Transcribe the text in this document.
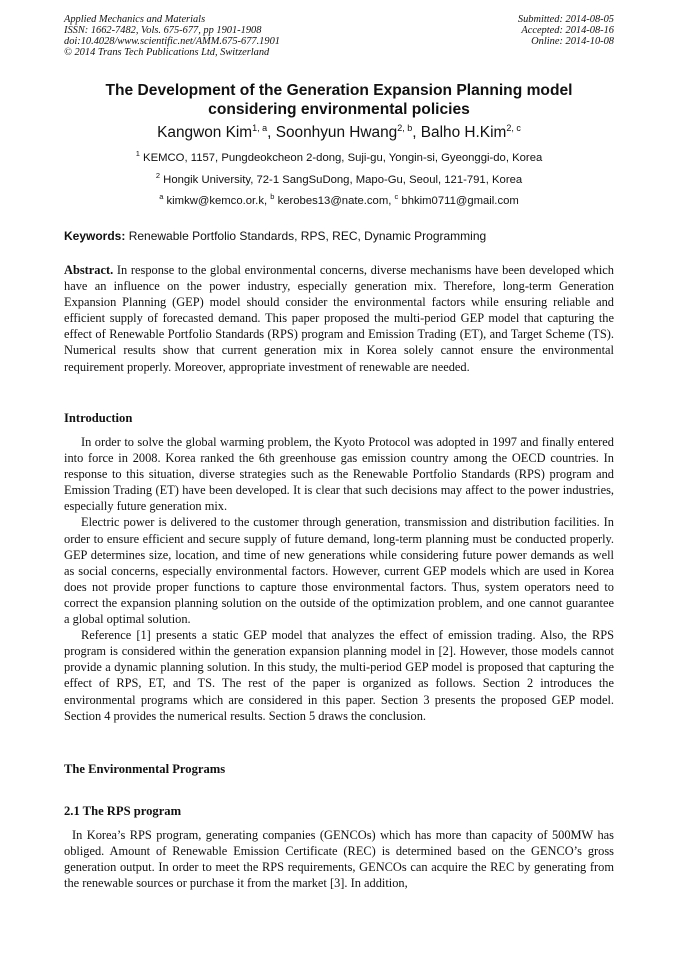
Applied Mechanics and Materials
ISSN: 1662-7482, Vols. 675-677, pp 1901-1908
doi:10.4028/www.scientific.net/AMM.675-677.1901
© 2014 Trans Tech Publications Ltd, Switzerland
Submitted: 2014-08-05
Accepted: 2014-08-16
Online: 2014-10-08
The Development of the Generation Expansion Planning model
considering environmental policies
Kangwon Kim$^{1, a}$, Soonhyun Hwang$^{2, b}$, Balho H.Kim$^{2, c}$
$^1$ KEMCO, 1157, Pungdeokcheon 2-dong, Suji-gu, Yongin-si, Gyeonggi-do, Korea
$^2$ Hongik University, 72-1 SangSuDong, Mapo-Gu, Seoul, 121-791, Korea
$^a$ kimkw@kemco.or.k, $^b$ kerobes13@nate.com, $^c$ bhkim0711@gmail.com
Keywords: Renewable Portfolio Standards, RPS, REC, Dynamic Programming

Abstract. In response to the global environmental concerns, diverse mechanisms have been developed which have an influence on the power industry, especially generation mix. Therefore, long-term Generation Expansion Planning (GEP) model should consider the environmental factors while ensuring reliable and efficient supply of forecasted demand. This paper proposed the multi-period GEP model that capturing the effect of Renewable Portfolio Standards (RPS) program and Emission Trading (ET), and Target Scheme (TS). Numerical results show that current generation mix in Korea solely cannot ensure the environmental requirement properly. Moreover, appropriate investment of renewable are needed.

Introduction

In order to solve the global warming problem, the Kyoto Protocol was adopted in 1997 and finally entered into force in 2008. Korea ranked the 6th greenhouse gas emission country among the OECD countries. In response to this situation, diverse strategies such as the Renewable Portfolio Standards (RPS) program and Emission Trading (ET) have been developed. It is clear that such decisions may affect to the power industries, especially future generation mix.

Electric power is delivered to the customer through generation, transmission and distribution facilities. In order to ensure efficient and secure supply of future demand, long-term planning must be conducted properly. GEP determines size, location, and time of new generations while considering future power demands as well as social concerns, especially environmental factors. However, current GEP models which are used in Korea does not provide proper functions to capture those environmental factors. Thus, system operators need to correct the expansion planning solution on the outside of the optimization problem, and one cannot guarantee a global optimal solution.

Reference [1] presents a static GEP model that analyzes the effect of emission trading. Also, the RPS program is considered within the generation expansion planning model in [2]. However, those models cannot provide a dynamic planning solution. In this study, the multi-period GEP model is proposed that capturing the effect of RPS, ET, and TS. The rest of the paper is organized as follows. Section 2 introduces the environmental programs which are considered in this paper. Section 3 presents the proposed GEP model. Section 4 provides the numerical results. Section 5 draws the conclusion.

The Environmental Programs
2.1 The RPS program

In Korea’s RPS program, generating companies (GENCOs) which has more than capacity of 500MW has obliged. Amount of Renewable Emission Certificate (REC) is determined based on the GENCO’s gross generation output. In order to meet the RPS requirements, GENCOs can acquire the REC by generating from the renewable sources or purchase it from the market [3]. In addition,
